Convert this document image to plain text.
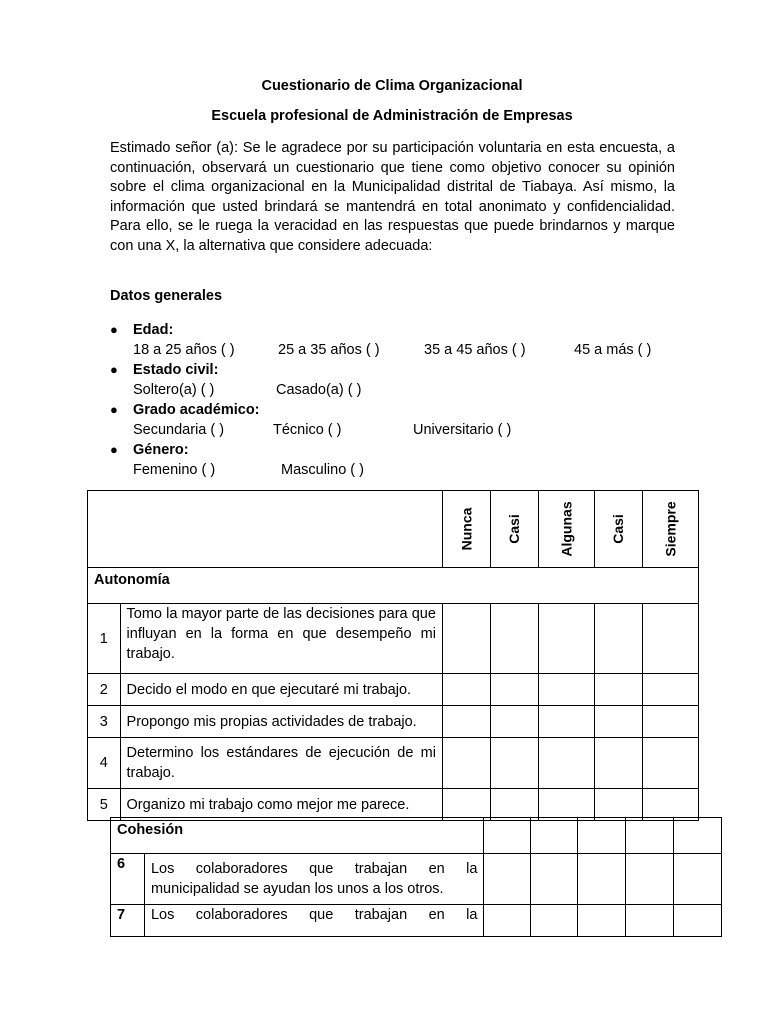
Cuestionario de Clima Organizacional
Escuela profesional de Administración de Empresas
Estimado señor (a): Se le agradece por su participación voluntaria en esta encuesta, a continuación, observará un cuestionario que tiene como objetivo conocer su opinión sobre el clima organizacional en la Municipalidad distrital de Tiabaya. Así mismo, la información que usted brindará se mantendrá en total anonimato y confidencialidad. Para ello, se le ruega la veracidad en las respuestas que puede brindarnos y marque con una X, la alternativa que considere adecuada:
Datos generales
● Edad:
18 a 25 años ( )	25 a 35 años ( )	35 a 45 años ( )	45 a más ( )
● Estado civil:
Soltero(a) ( )	Casado(a) ( )
● Grado académico:
Secundaria ( )	Técnico ( )	Universitario ( )
● Género:
Femenino ( )	Masculino ( )
		Nunca	Casi	Algunas	Casi	Siempre
Autonomía						
1	Tomo la mayor parte de las decisiones para que influyan en la forma en que desempeño mi trabajo.					
2	Decido el modo en que ejecutaré mi trabajo.					
3	Propongo mis propias actividades de trabajo.					
4	Determino los estándares de ejecución de mi trabajo.					
5	Organizo mi trabajo como mejor me parece.					
Cohesión						
6	Los colaboradores que trabajan en la municipalidad se ayudan los unos a los otros.					
7	Los colaboradores que trabajan en la					
